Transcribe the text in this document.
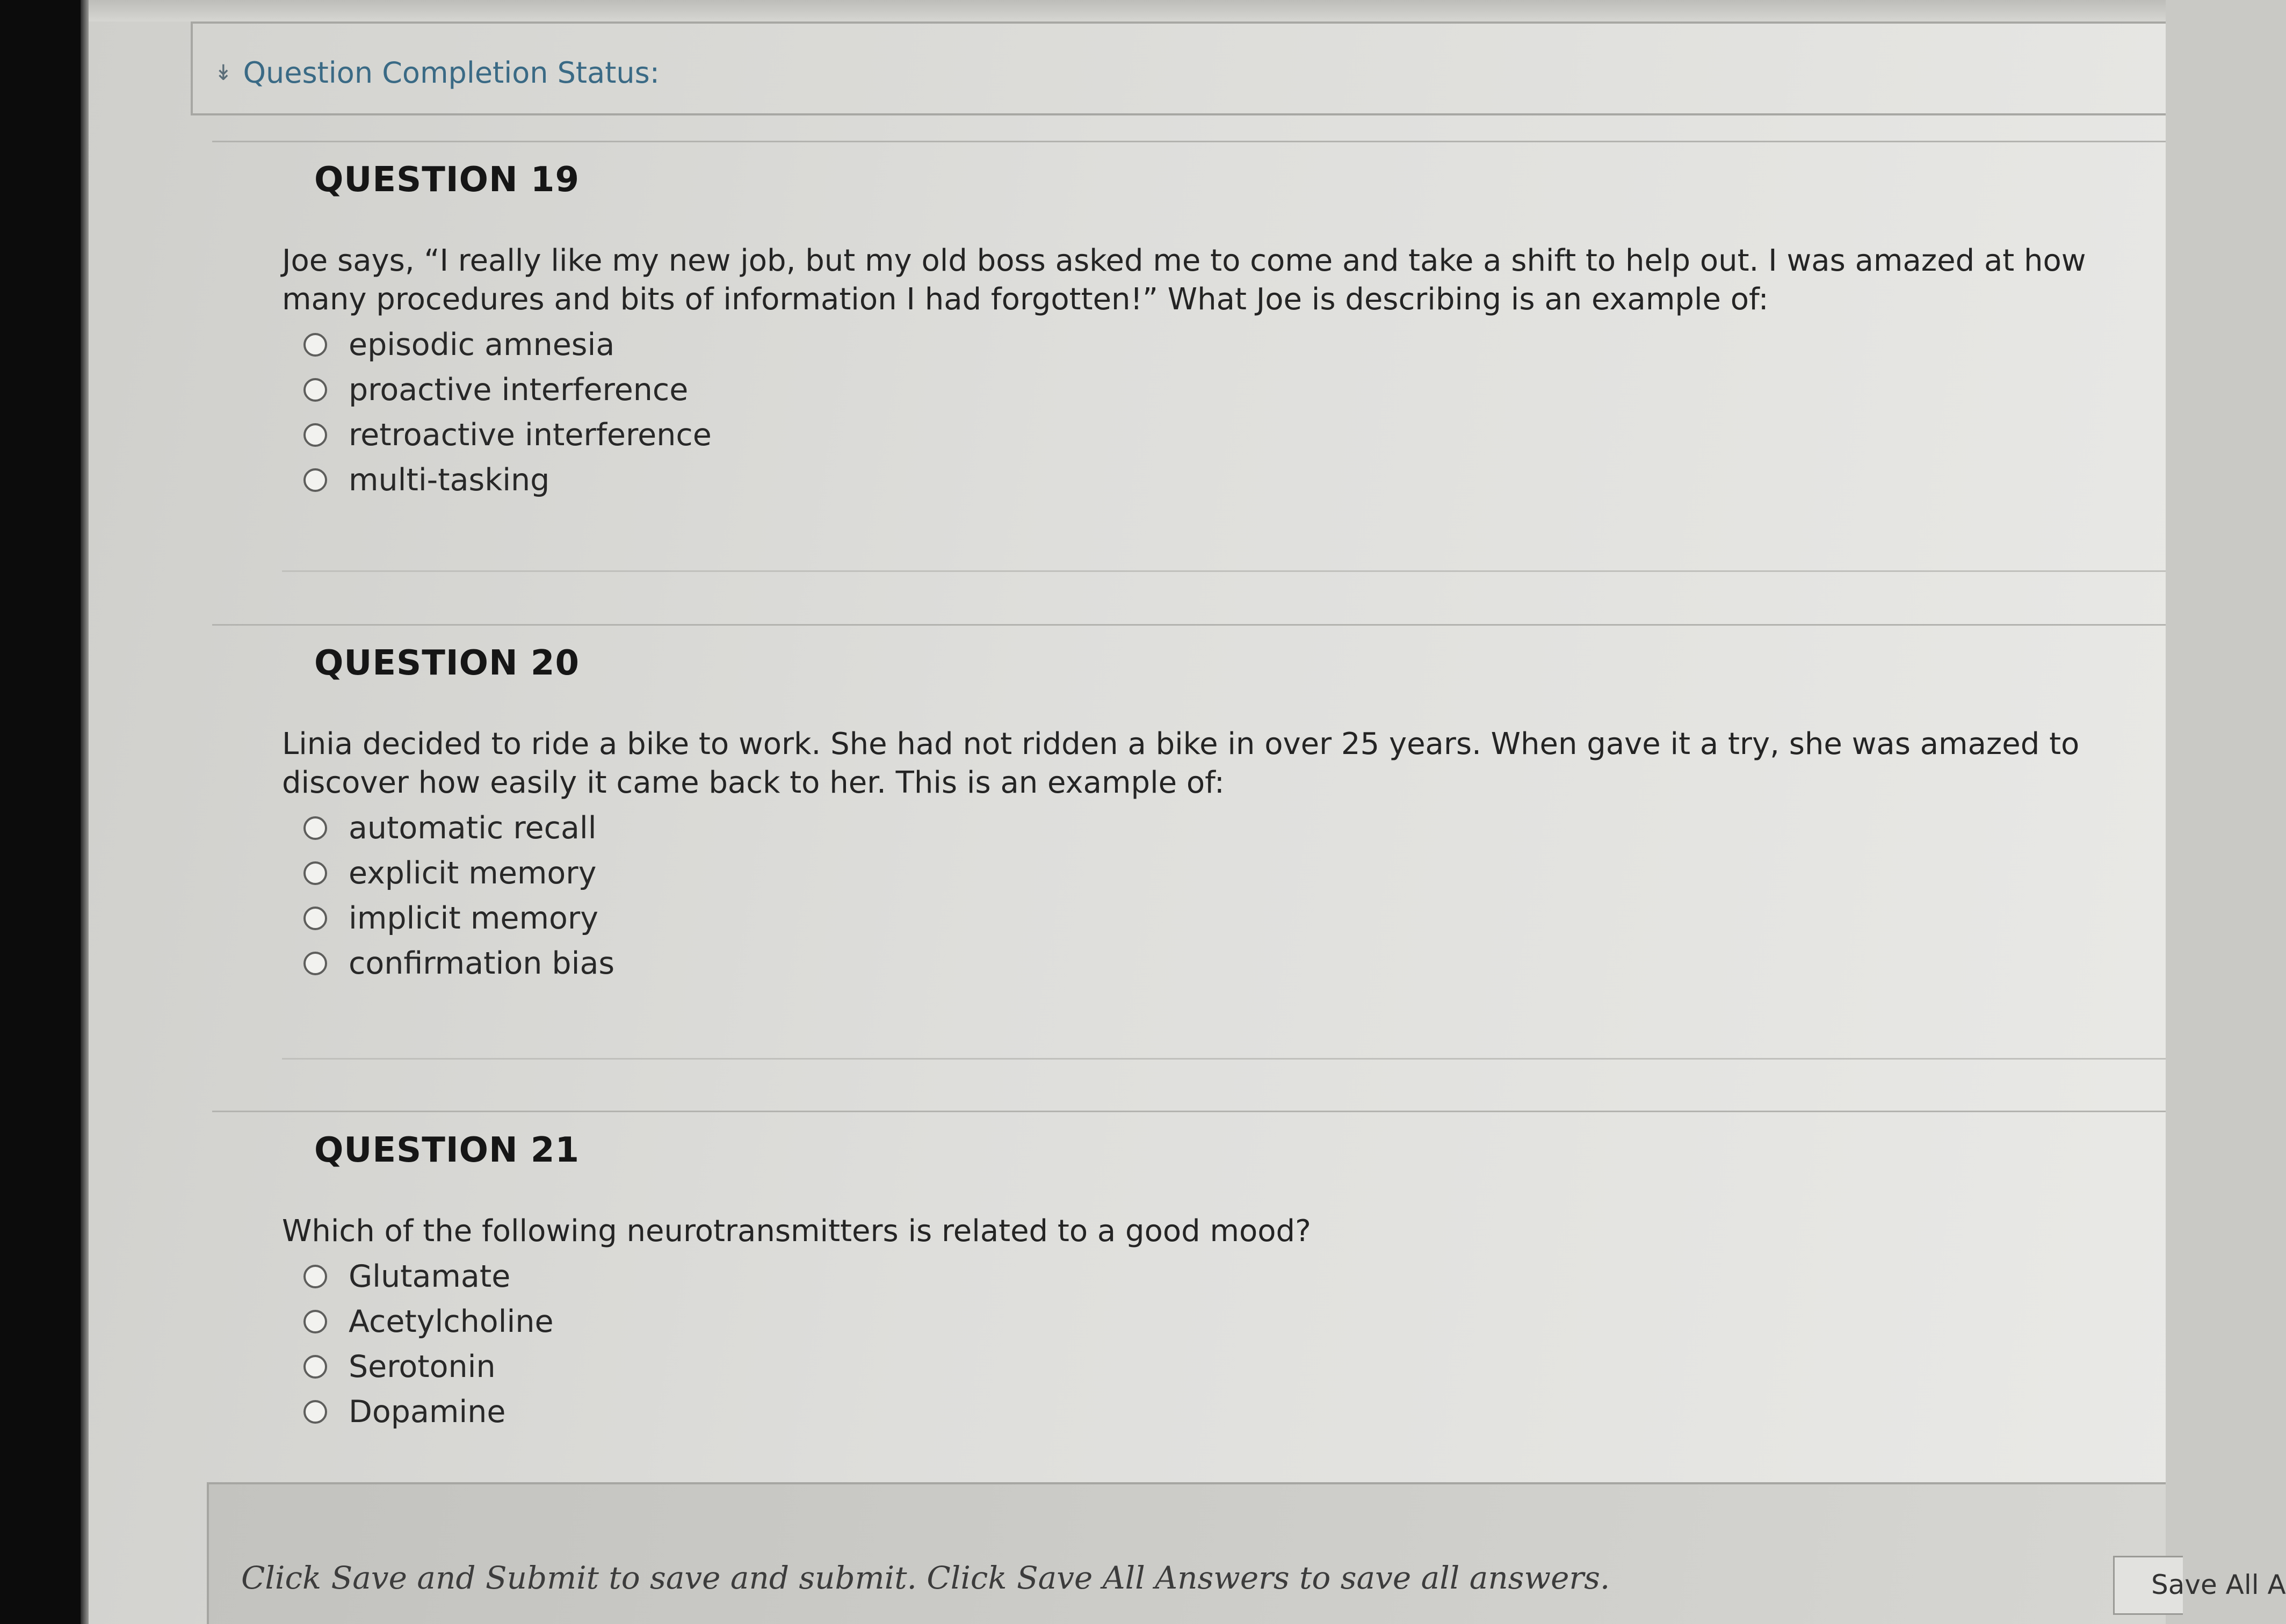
↡ Question Completion Status:
QUESTION 19
Joe says, “I really like my new job, but my old boss asked me to come and take a shift to help out. I was amazed at how many procedures and bits of information I had forgotten!” What Joe is describing is an example of:
episodic amnesia
proactive interference
retroactive interference
multi-tasking
QUESTION 20
Linia decided to ride a bike to work. She had not ridden a bike in over 25 years. When gave it a try, she was amazed to discover how easily it came back to her. This is an example of:
automatic recall
explicit memory
implicit memory
confirmation bias
QUESTION 21
Which of the following neurotransmitters is related to a good mood?
Glutamate
Acetylcholine
Serotonin
Dopamine
Click Save and Submit to save and submit. Click Save All Answers to save all answers.	Save All A
